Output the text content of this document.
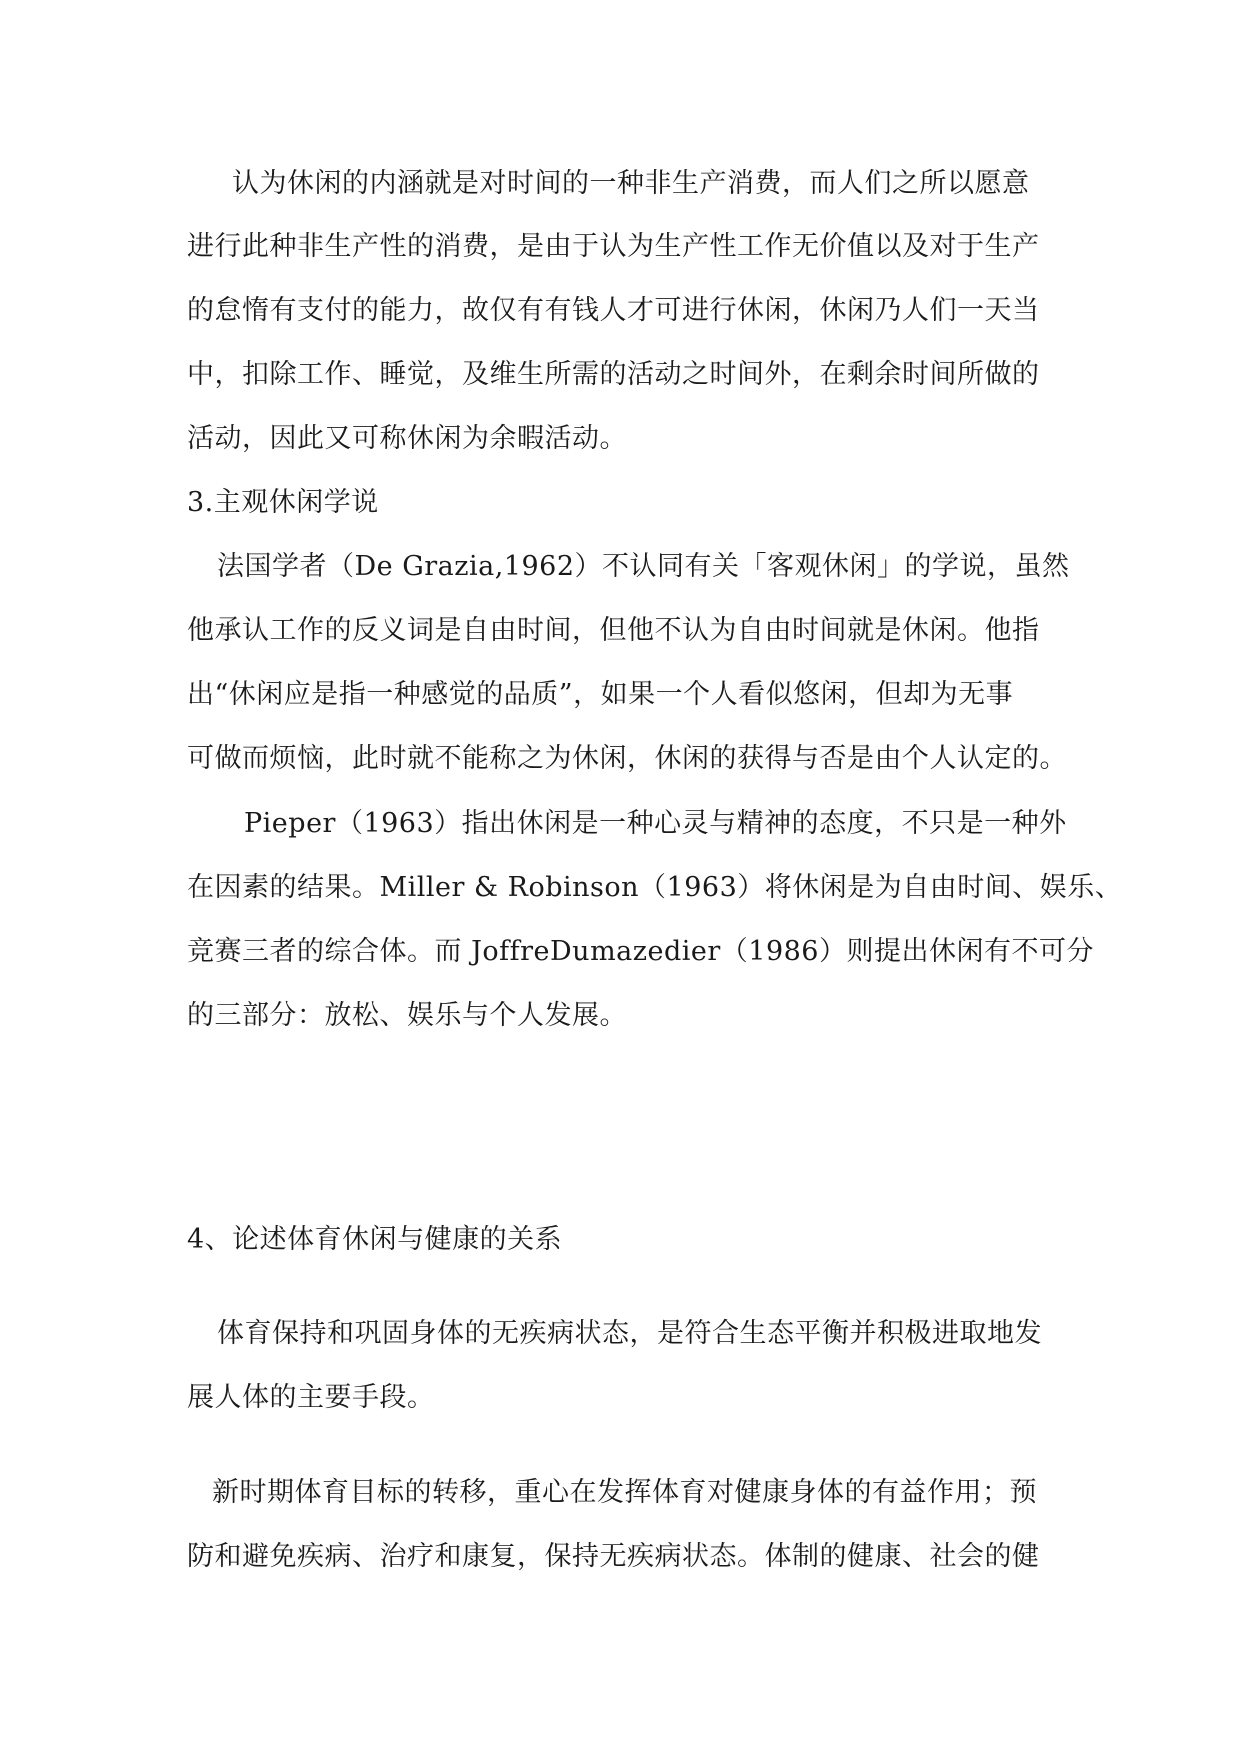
认为休闲的内涵就是对时间的一种非生产消费，而人们之所以愿意
进行此种非生产性的消费，是由于认为生产性工作无价值以及对于生产
的怠惰有支付的能力，故仅有有钱人才可进行休闲，休闲乃人们一天当
中，扣除工作、睡觉，及维生所需的活动之时间外，在剩余时间所做的
活动，因此又可称休闲为余暇活动。
3.主观休闲学说
法国学者（De Grazia,1962）不认同有关「客观休闲」的学说，虽然
他承认工作的反义词是自由时间，但他不认为自由时间就是休闲。他指
出“休闲应是指一种感觉的品质”，如果一个人看似悠闲，但却为无事
可做而烦恼，此时就不能称之为休闲，休闲的获得与否是由个人认定的。
Pieper（1963）指出休闲是一种心灵与精神的态度，不只是一种外
在因素的结果。Miller & Robinson（1963）将休闲是为自由时间、娱乐、
竞赛三者的综合体。而 JoffreDumazedier（1986）则提出休闲有不可分
的三部分：放松、娱乐与个人发展。
4、论述体育休闲与健康的关系
体育保持和巩固身体的无疾病状态，是符合生态平衡并积极进取地发
展人体的主要手段。
新时期体育目标的转移，重心在发挥体育对健康身体的有益作用；预
防和避免疾病、治疗和康复，保持无疾病状态。体制的健康、社会的健
